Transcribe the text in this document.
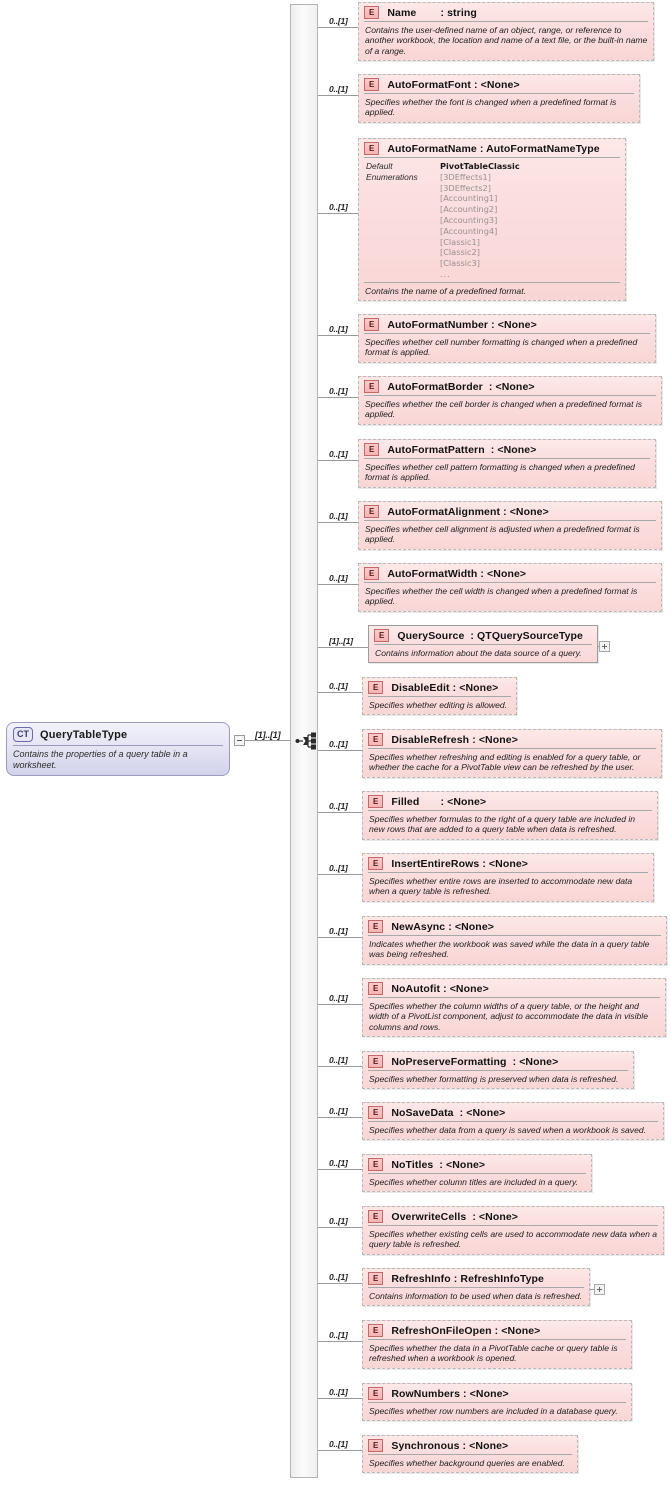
CT	QueryTableType
Contains the properties of a query table in a worksheet.
[1]..[1]
0..[1]
E	Name        : string
Contains the user-defined name of an object, range, or reference to another workbook, the location and name of a text file, or the built-in name of a range.
0..[1]	E	AutoFormatFont : <None>
Specifies whether the font is changed when a predefined format is applied.
0..[1]
E	AutoFormatName : AutoFormatNameType
Default Enumerations
PivotTableClassic
[3DEffects1]
[3DEffects2]
[Accounting1]
[Accounting2]
[Accounting3]
[Accounting4]
[Classic1]
[Classic2]
[Classic3]
...
Contains the name of a predefined format.
0..[1]	E	AutoFormatNumber : <None>
Specifies whether cell number formatting is changed when a predefined format is applied.
0..[1]	E	AutoFormatBorder  : <None>
Specifies whether the cell border is changed when a predefined format is applied.
0..[1]	E	AutoFormatPattern  : <None>
Specifies whether cell pattern formatting is changed when a predefined format is applied.
0..[1]	E	AutoFormatAlignment : <None>
Specifies whether cell alignment is adjusted when a predefined format is applied.
0..[1]	E	AutoFormatWidth : <None>
Specifies whether the cell width is changed when a predefined format is applied.
[1]..[1]
E	QuerySource  : QTQuerySourceType
Contains information about the data source of a query.
0..[1]	E	DisableEdit : <None>
Specifies whether editing is allowed.
0..[1]	E	DisableRefresh : <None>
Specifies whether refreshing and editing is enabled for a query table, or whether the cache for a PivotTable view can be refreshed by the user.
0..[1]	E	Filled       : <None>
Specifies whether formulas to the right of a query table are included in new rows that are added to a query table when data is refreshed.
0..[1]	E	InsertEntireRows : <None>
Specifies whether entire rows are inserted to accommodate new data when a query table is refreshed.
0..[1]	E	NewAsync : <None>
Indicates whether the workbook was saved while the data in a query table was being refreshed.
0..[1]
E	NoAutofit : <None>
Specifies whether the column widths of a query table, or the height and width of a PivotList component, adjust to accommodate the data in visible columns and rows.
0..[1]	E	NoPreserveFormatting  : <None>
Specifies whether formatting is preserved when data is refreshed.
0..[1]	E	NoSaveData  : <None>
Specifies whether data from a query is saved when a workbook is saved.
0..[1]	E	NoTitles  : <None>
Specifies whether column titles are included in a query.
0..[1]	E	OverwriteCells  : <None>
Specifies whether existing cells are used to accommodate new data when a query table is refreshed.
0..[1]	E	RefreshInfo : RefreshInfoType
Contains information to be used when data is refreshed.
0..[1]	E	RefreshOnFileOpen : <None>
Specifies whether the data in a PivotTable cache or query table is refreshed when a workbook is opened.
0..[1]	E	RowNumbers : <None>
Specifies whether row numbers are included in a database query.
0..[1]	E	Synchronous : <None>
Specifies whether background queries are enabled.
